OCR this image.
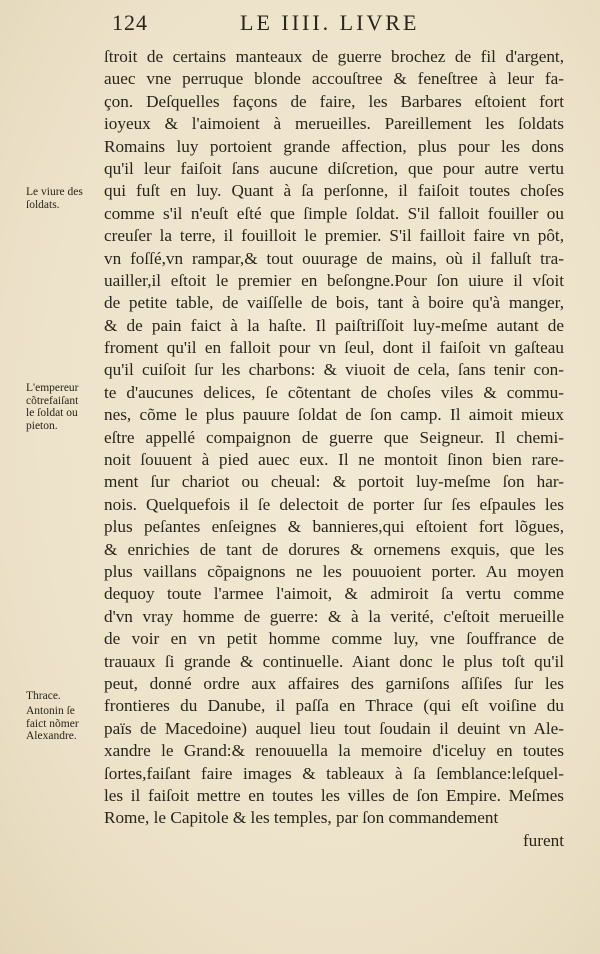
124	LE IIII. LIVRE
ſtroit de certains manteaux de guerre brochez de fil d'argent,
auec vne perruque blonde accouſtree & feneſtree à leur fa-
çon. Deſquelles façons de faire, les Barbares eſtoient fort
ioyeux & l'aimoient à merueilles. Pareillement les ſoldats
Romains luy portoient grande affection, plus pour les dons
qu'il leur faiſoit ſans aucune diſcretion, que pour autre vertu
qui fuſt en luy. Quant à ſa perſonne, il faiſoit toutes choſes
comme s'il n'euſt eſté que ſimple ſoldat. S'il falloit fouiller ou
creuſer la terre, il fouilloit le premier. S'il failloit faire vn pôt,
vn foſſé,vn rampar,& tout ouurage de mains, où il falluſt tra-
uailler,il eſtoit le premier en beſongne.Pour ſon uiure il vſoit
de petite table, de vaiſſelle de bois, tant à boire qu'à manger,
& de pain faict à la haſte. Il paiſtriſſoit luy-meſme autant de
froment qu'il en falloit pour vn ſeul, dont il faiſoit vn gaſteau
qu'il cuiſoit ſur les charbons: & viuoit de cela, ſans tenir con-
te d'aucunes delices, ſe cõtentant de choſes viles & commu-
nes, cõme le plus pauure ſoldat de ſon camp. Il aimoit mieux
eſtre appellé compaignon de guerre que Seigneur. Il chemi-
noit ſouuent à pied auec eux. Il ne montoit ſinon bien rare-
ment ſur chariot ou cheual: & portoit luy-meſme ſon har-
nois. Quelquefois il ſe delectoit de porter ſur ſes eſpaules les
plus peſantes enſeignes & bannieres,qui eſtoient fort lõgues,
& enrichies de tant de dorures & ornemens exquis, que les
plus vaillans cõpaignons ne les pouuoient porter. Au moyen
dequoy toute l'armee l'aimoit, & admiroit ſa vertu comme
d'vn vray homme de guerre: & à la verité, c'eſtoit merueille
de voir en vn petit homme comme luy, vne ſouffrance de
trauaux ſi grande & continuelle. Aiant donc le plus toſt qu'il
peut, donné ordre aux affaires des garniſons aſſiſes ſur les
frontieres du Danube, il paſſa en Thrace (qui eſt voiſine du
païs de Macedoine) auquel lieu tout ſoudain il deuint vn Ale-
xandre le Grand:& renouuella la memoire d'iceluy en toutes
ſortes,faiſant faire images & tableaux à ſa ſemblance:leſquel-
les il faiſoit mettre en toutes les villes de ſon Empire. Meſmes
Rome, le Capitole & les temples, par ſon commandement
furent
Le viure des
ſoldats.
L'empereur
cõtrefaiſant
le ſoldat ou
pieton.
Thrace.
Antonin ſe
faict nõmer
Alexandre.
